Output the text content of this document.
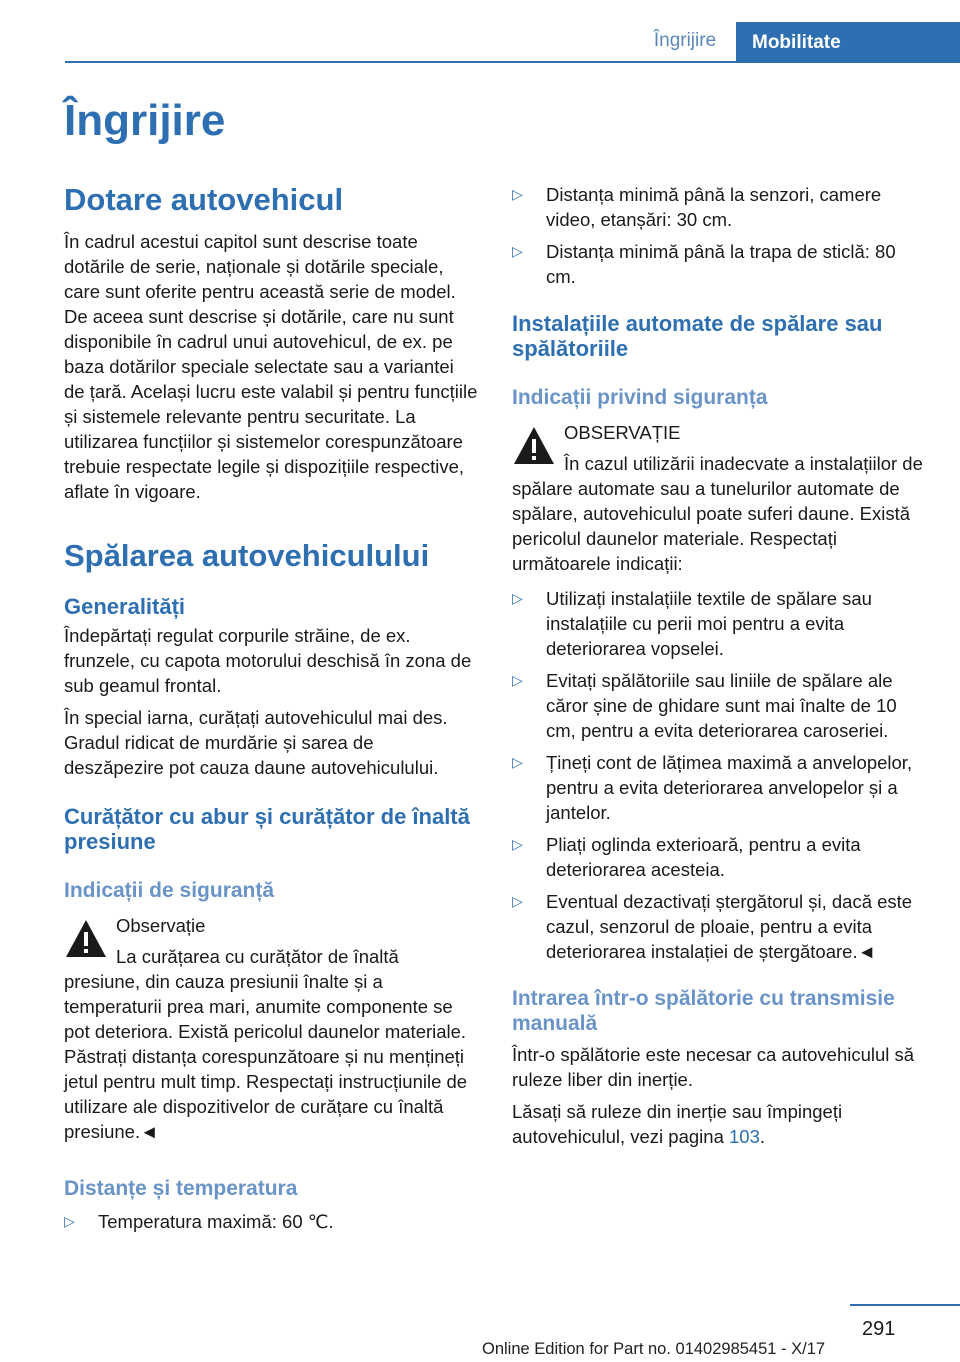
Îngrijire	Mobilitate
Îngrijire
Dotare autovehicul

În cadrul acestui capitol sunt descrise toate dotările de serie, naționale și dotările speciale, care sunt oferite pentru această serie de model. De aceea sunt descrise și dotările, care nu sunt disponibile în cadrul unui autovehicul, de ex. pe baza dotărilor speciale selectate sau a variantei de țară. Același lucru este valabil și pentru funcțiile și sistemele relevante pentru securitate. La utilizarea funcțiilor și sistemelor corespunzătoare trebuie respectate legile și dispozițiile respective, aflate în vigoare.

Spălarea autovehiculului
Generalități

Îndepărtați regulat corpurile străine, de ex. frunzele, cu capota motorului deschisă în zona de sub geamul frontal.

În special iarna, curățați autovehiculul mai des. Gradul ridicat de murdărie și sarea de deszăpezire pot cauza daune autovehiculului.

Curățător cu abur și curățător de înaltă presiune
Indicații de siguranță
Observație

La curățarea cu curățător de înaltă presiune, din cauza presiunii înalte și a temperaturii prea mari, anumite componente se pot deteriora. Există pericolul daunelor materiale. Păstrați distanța corespunzătoare și nu mențineți jetul pentru mult timp. Respectați instrucțiunile de utilizare ale dispozitivelor de curățare cu înaltă presiune.◄

Distanțe și temperatura
▷ Temperatura maximă: 60 ℃.
▷ Distanța minimă până la senzori, camere video, etanșări: 30 cm.
▷ Distanța minimă până la trapa de sticlă: 80 cm.
Instalațiile automate de spălare sau spălătoriile
Indicații privind siguranța
OBSERVAȚIE

În cazul utilizării inadecvate a instalațiilor de spălare automate sau a tunelurilor automate de spălare, autovehiculul poate suferi daune. Există pericolul daunelor materiale. Respectați următoarele indicații:

▷ Utilizați instalațiile textile de spălare sau instalațiile cu perii moi pentru a evita deteriorarea vopselei.
▷ Evitați spălătoriile sau liniile de spălare ale căror șine de ghidare sunt mai înalte de 10 cm, pentru a evita deteriorarea caroseriei.
▷ Țineți cont de lățimea maximă a anvelopelor, pentru a evita deteriorarea anvelopelor și a jantelor.
▷ Pliați oglinda exterioară, pentru a evita deteriorarea acesteia.
▷ Eventual dezactivați ștergătorul și, dacă este cazul, senzorul de ploaie, pentru a evita deteriorarea instalației de ștergătoare.◄
Intrarea într-o spălătorie cu transmisie manuală

Într-o spălătorie este necesar ca autovehiculul să ruleze liber din inerție.

Lăsați să ruleze din inerție sau împingeți autovehiculul, vezi pagina 103.

291
Online Edition for Part no. 01402985451 - X/17
